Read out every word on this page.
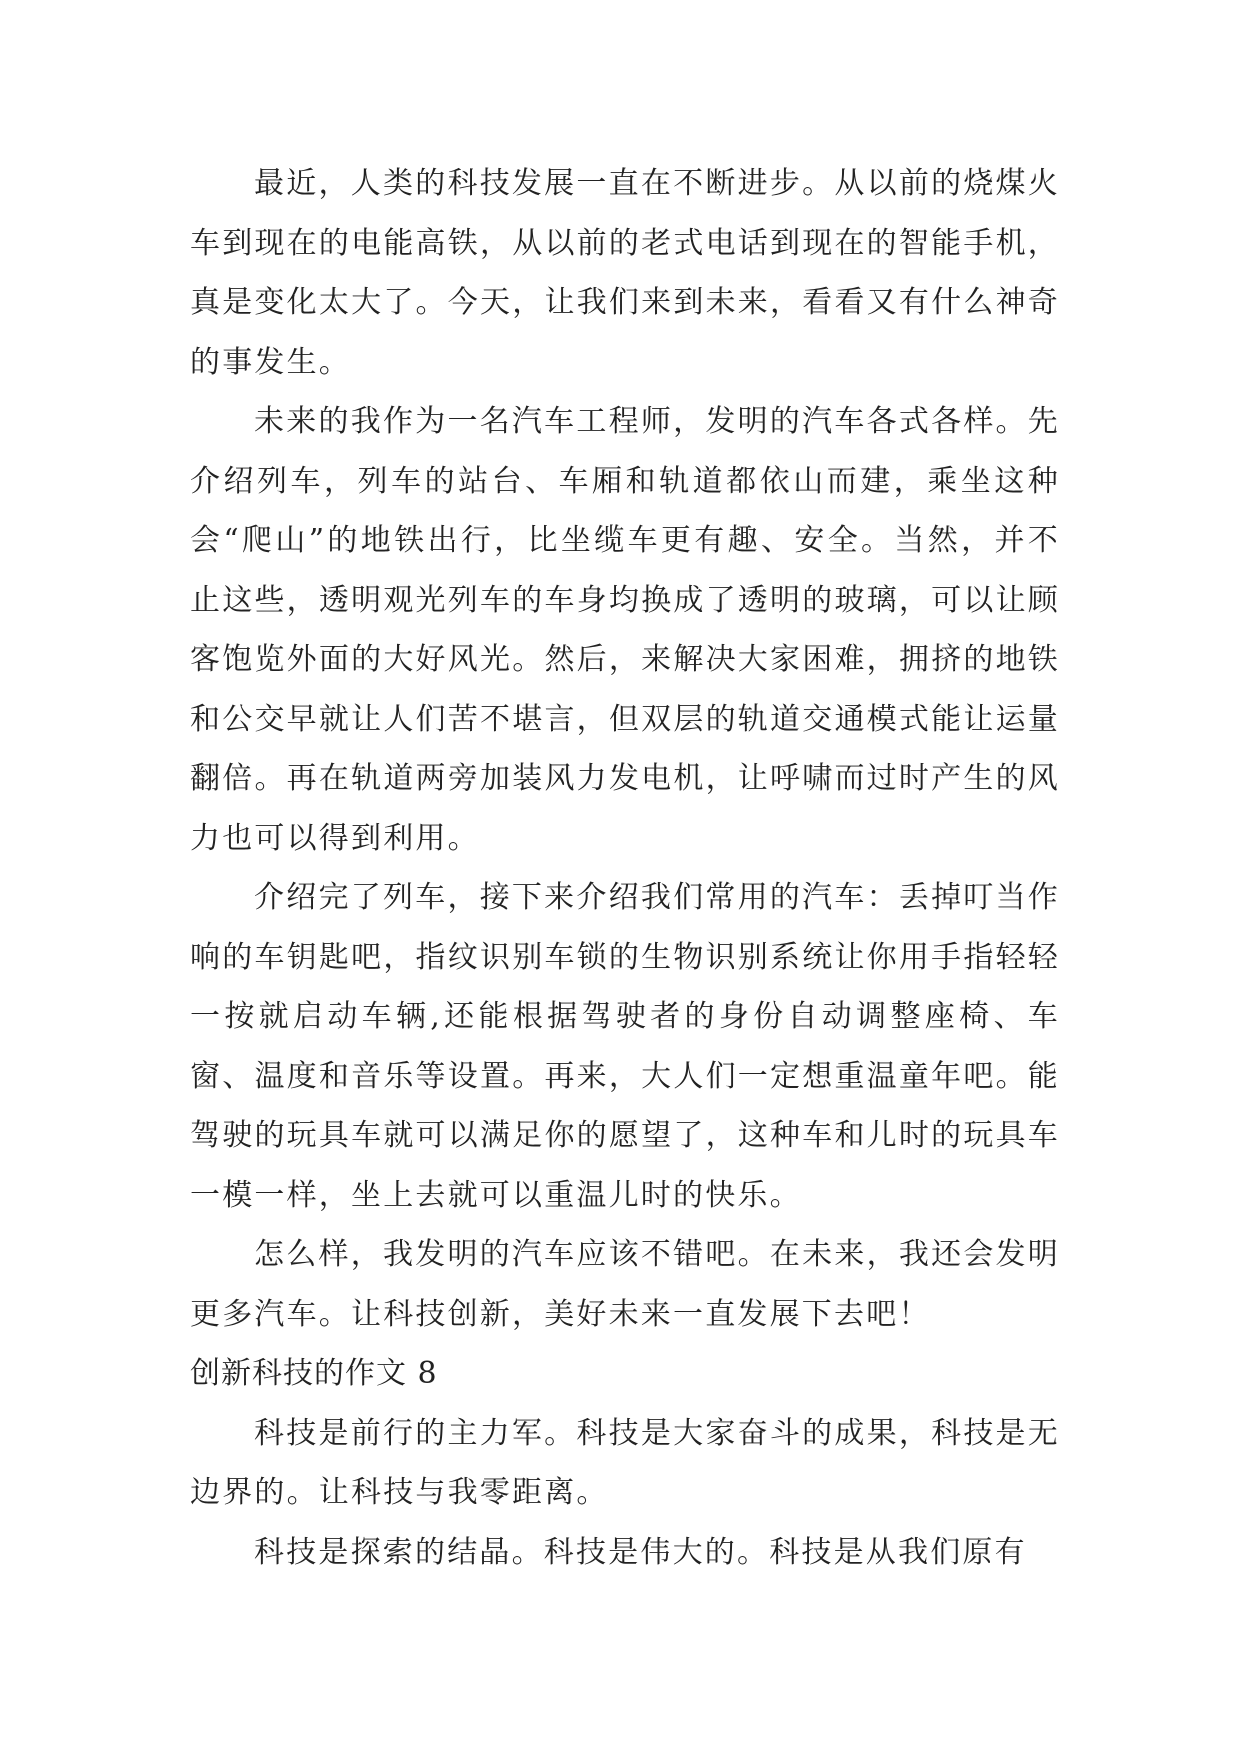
最近，人类的科技发展一直在不断进步。从以前的烧煤火车到现在的电能高铁，从以前的老式电话到现在的智能手机，真是变化太大了。今天，让我们来到未来，看看又有什么神奇的事发生。

未来的我作为一名汽车工程师，发明的汽车各式各样。先介绍列车，列车的站台、车厢和轨道都依山而建，乘坐这种会“爬山”的地铁出行，比坐缆车更有趣、安全。当然，并不止这些，透明观光列车的车身均换成了透明的玻璃，可以让顾客饱览外面的大好风光。然后，来解决大家困难，拥挤的地铁和公交早就让人们苦不堪言，但双层的轨道交通模式能让运量翻倍。再在轨道两旁加装风力发电机，让呼啸而过时产生的风力也可以得到利用。

介绍完了列车，接下来介绍我们常用的汽车：丢掉叮当作响的车钥匙吧，指纹识别车锁的生物识别系统让你用手指轻轻一按就启动车辆,还能根据驾驶者的身份自动调整座椅、车窗、温度和音乐等设置。再来，大人们一定想重温童年吧。能驾驶的玩具车就可以满足你的愿望了，这种车和儿时的玩具车一模一样，坐上去就可以重温儿时的快乐。

怎么样，我发明的汽车应该不错吧。在未来，我还会发明更多汽车。让科技创新，美好未来一直发展下去吧！

创新科技的作文 8

科技是前行的主力军。科技是大家奋斗的成果，科技是无边界的。让科技与我零距离。

科技是探索的结晶。科技是伟大的。科技是从我们原有
